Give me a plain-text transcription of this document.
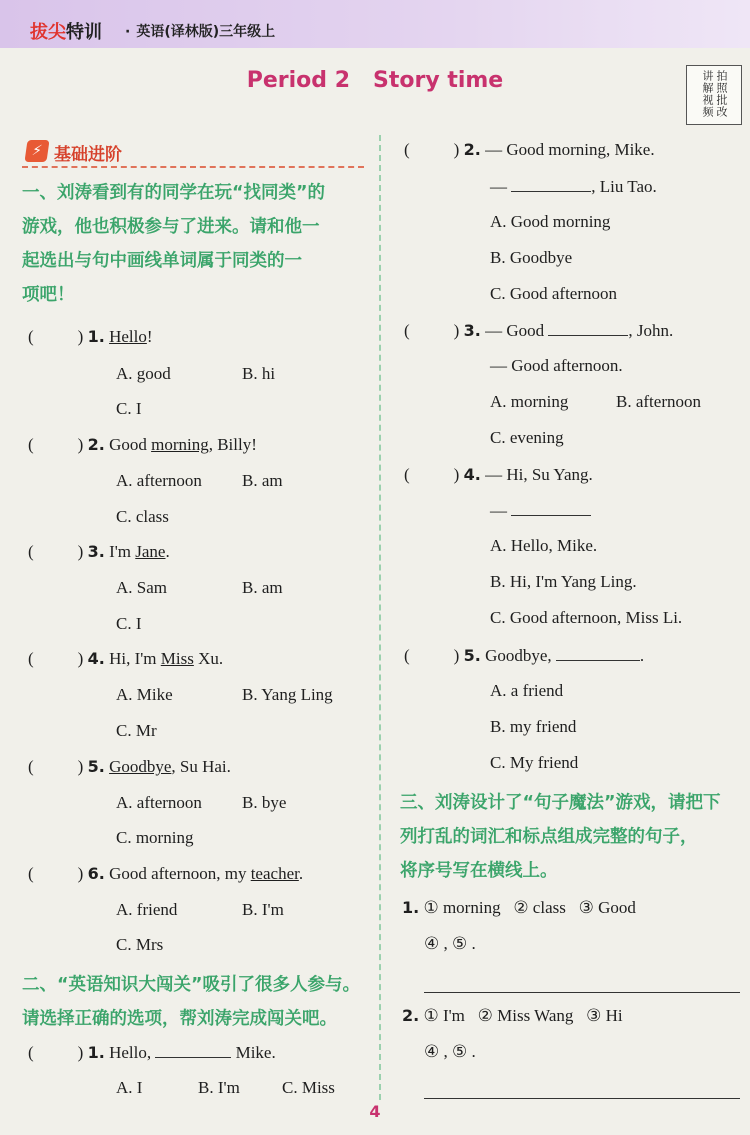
拔尖特训 · 英语(译林版)三年级上
Period 2   Story time	拍照批改
讲解视频
⚡ 基础进阶
一、刘涛看到有的同学在玩“找同类”的
游戏，他也积极参与了进来。请和他一
起选出与句中画线单词属于同类的一
项吧！
(	) 1. Hello!
A. good	B. hi
C. I
(	) 2. Good morning, Billy!
A. afternoon B. am
C. class
(	) 3. I'm Jane.
A. Sam	B. am
C. I
(	) 4. Hi, I'm Miss Xu.
A. Mike	B. Yang Ling
C. Mr
(	) 5. Goodbye, Su Hai.
A. afternoon B. bye
C. morning
(	) 6. Good afternoon, my teacher.
A. friend	B. I'm
C. Mrs
二、“英语知识大闯关”吸引了很多人参与。
请选择正确的选项，帮刘涛完成闯关吧。
(	) 1. Hello,	Mike.
A. I	B. I'm C. Miss
(	) 2. — Good morning, Mike.
—	, Liu Tao.
A. Good morning
B. Goodbye
C. Good afternoon
(	) 3. — Good	, John.
— Good afternoon.
A. morning	B. afternoon
C. evening
(	) 4. — Hi, Su Yang.
—
A. Hello, Mike.
B. Hi, I'm Yang Ling.
C. Good afternoon, Miss Li.
(	) 5. Goodbye,	.
A. a friend
B. my friend
C. My friend
三、刘涛设计了“句子魔法”游戏，请把下
列打乱的词汇和标点组成完整的句子，
将序号写在横线上。
1. ① morning   ② class   ③ Good
④ , ⑤ .
2. ① I'm   ② Miss Wang   ③ Hi
④ , ⑤ .
4
